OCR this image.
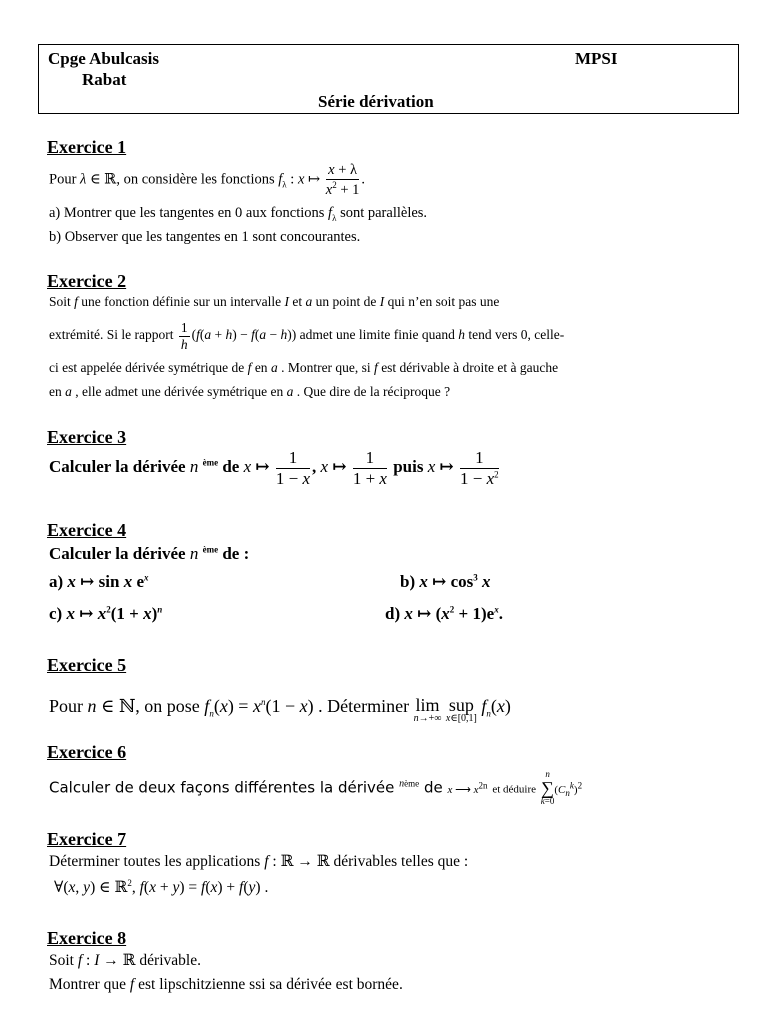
Cpge Abulcasis
Rabat
MPSI
Série dérivation
Exercice 1
Pour λ ∈ ℝ, on considère les fonctions $f_\lambda$ : x ↦ $\frac{x + \lambda}{x^2 + 1}$ .
a) Montrer que les tangentes en 0 aux fonctions $f_\lambda$ sont parallèles.
b) Observer que les tangentes en 1 sont concourantes.
Exercice 2
Soit f une fonction définie sur un intervalle I et a un point de I qui n’en soit pas une
extrémité. Si le rapport $\frac{1}{h} (f(a + h) - f(a - h))$ admet une limite finie quand h tend vers 0, celle-
ci est appelée dérivée symétrique de f en a . Montrer que, si f est dérivable à droite et à gauche
en a , elle admet une dérivée symétrique en a . Que dire de la réciproque ?
Exercice 3
Calculer la dérivée n $^{ème}$ de x ↦ $\frac{1}{1 - x}$ , x ↦ $\frac{1}{1 + x}$ puis x ↦ $\frac{1}{1 - x^2}$
Exercice 4
Calculer la dérivée n $^{ème}$ de :
a) x ↦ sin x $e^x$	b) x ↦ $\cos^3 x$
c) x ↦ $x^2(1 + x)^n$	d) x ↦ $(x^2 + 1)e^x$.
Exercice 5
Pour n ∈ ℕ, on pose $f_n(x) = x^n(1 - x)$ . Déterminer lim
n→+∞
sup
x∈[0,1]
$f_n(x)$
Exercice 6
Calculer de deux façons différentes la dérivée $^{nème}$ de x ⟶ $x^{2n}$ et déduire n
∑
$k=0(C_n^k)^2$
Exercice 7
Déterminer toutes les applications f : ℝ → ℝ dérivables telles que :
∀(x, y) ∈ ℝ$^2$, f(x + y) = f(x) + f(y) .
Exercice 8
Soit f : I → ℝ dérivable.
Montrer que f est lipschitzienne ssi sa dérivée est bornée.
